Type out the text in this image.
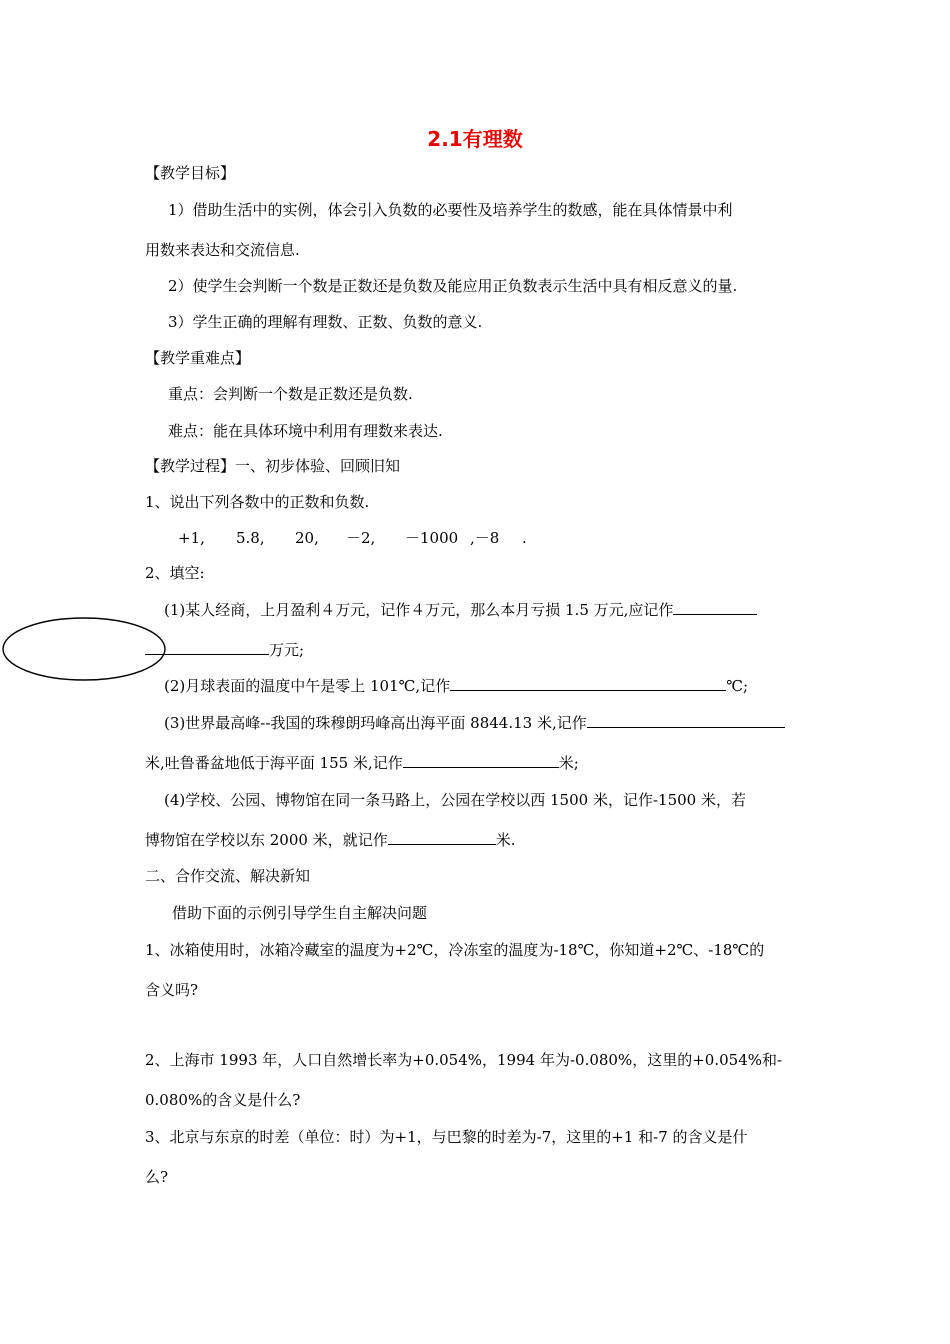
2.1有理数
【教学目标】
1）借助生活中的实例，体会引入负数的必要性及培养学生的数感，能在具体情景中利
用数来表达和交流信息.
2）使学生会判断一个数是正数还是负数及能应用正负数表示生活中具有相反意义的量.
3）学生正确的理解有理数、正数、负数的意义.
【教学重难点】
重点：会判断一个数是正数还是负数.
难点：能在具体环境中利用有理数来表达.
【教学过程】一、初步体验、回顾旧知
1、说出下列各数中的正数和负数.
+1, 5.8, 20, －2, －1000 ,－8 .
2、填空:
(1)某人经商，上月盈利４万元，记作４万元，那么本月亏损 1.5 万元,应记作
万元;
(2)月球表面的温度中午是零上 101℃,记作	℃;
(3)世界最高峰--我国的珠穆朗玛峰高出海平面 8844.13 米,记作
米,吐鲁番盆地低于海平面 155 米,记作	米;
(4)学校、公园、博物馆在同一条马路上，公园在学校以西 1500 米，记作-1500 米，若
博物馆在学校以东 2000 米，就记作	米.
二、合作交流、解决新知
借助下面的示例引导学生自主解决问题
1、冰箱使用时，冰箱冷藏室的温度为+2℃，冷冻室的温度为-18℃，你知道+2℃、-18℃的
含义吗?
2、上海市 1993 年，人口自然增长率为+0.054%，1994 年为-0.080%，这里的+0.054%和-
0.080%的含义是什么?
3、北京与东京的时差（单位：时）为+1，与巴黎的时差为-7，这里的+1 和-7 的含义是什
么?
